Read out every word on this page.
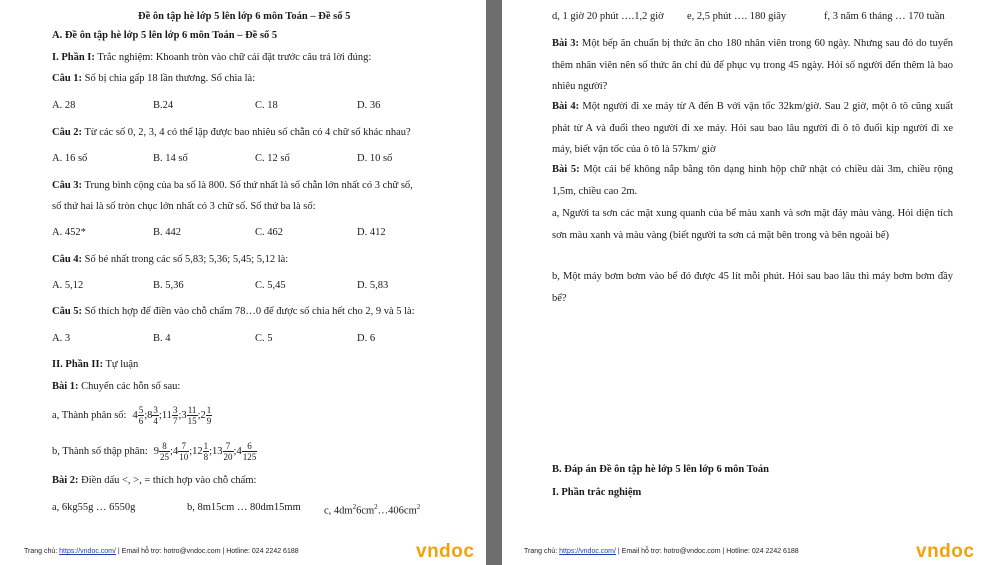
Đề ôn tập hè lớp 5 lên lớp 6 môn Toán – Đề số 5
A. Đề ôn tập hè lớp 5 lên lớp 6 môn Toán – Đề số 5
I. Phần I: Trắc nghiệm: Khoanh tròn vào chữ cái đặt trước câu trả lời đúng:
Câu 1: Số bị chia gấp 18 lần thương. Số chia là:
A. 28	B.24	C. 18	D. 36
Câu 2: Từ các số 0, 2, 3, 4 có thể lập được bao nhiêu số chẵn có 4 chữ số khác nhau?
A. 16 số	B. 14 số	C. 12 số	D. 10 số
Câu 3: Trung bình cộng của ba số là 800. Số thứ nhất là số chẵn lớn nhất có 3 chữ số,
số thứ hai là số tròn chục lớn nhất có 3 chữ số. Số thứ ba là số:
A. 452*	B. 442	C. 462	D. 412
Câu 4: Số bé nhất trong các số 5,83; 5,36; 5,45; 5,12 là:
A. 5,12	B. 5,36	C. 5,45	D. 5,83
Câu 5: Số thích hợp để điền vào chỗ chấm 78…0 để được số chia hết cho 2, 9 và 5 là:
A. 3	B. 4	C. 5	D. 6
II. Phần II: Tự luận
Bài 1: Chuyển các hỗn số sau:
a, Thành phân số: $4 \frac{5}{6}$ ; $8 \frac{3}{4}$ ; $11 \frac{3}{7}$ ; $3 \frac{11}{15}$ ; $2 \frac{1}{9}$
b, Thành số thập phân: $9 \frac{8}{25}$ ; $4 \frac{7}{10}$ ; $12 \frac{1}{8}$ ; $13 \frac{7}{20}$ ; $4 \frac{6}{125}$
Bài 2: Điền dấu <, >, = thích hợp vào chỗ chấm:
a, 6kg55g … 6550g	b, 8m15cm … 80dm15mm c, $4dm^26cm^2\dots 406cm^2$
Trang chủ: https://vndoc.com/ | Email hỗ trợ: hotro@vndoc.com | Hotline: 024 2242 6188	vndoc
d, 1 giờ 20 phút ….1,2 giờ e, 2,5 phút …. 180 giây	f, 3 năm 6 tháng … 170 tuần
Bài 3: Một bếp ăn chuẩn bị thức ăn cho 180 nhân viên trong 60 ngày. Nhưng sau đó do tuyển thêm nhân viên nên số thức ăn chỉ đủ để phục vụ trong 45 ngày. Hỏi số người đến thêm là bao nhiêu người?
Bài 4: Một người đi xe máy từ A đến B với vận tốc 32km/giờ. Sau 2 giờ, một ô tô cũng xuất phát từ A và đuổi theo người đi xe máy. Hỏi sau bao lâu người đi ô tô đuổi kịp người đi xe máy, biết vận tốc của ô tô là 57km/ giờ
Bài 5: Một cái bể không nắp bằng tôn dạng hình hộp chữ nhật có chiều dài 3m, chiều rộng 1,5m, chiều cao 2m.
a, Người ta sơn các mặt xung quanh của bể màu xanh và sơn mặt đáy màu vàng. Hỏi diện tích sơn màu xanh và màu vàng (biết người ta sơn cả mặt bên trong và bên ngoài bể)
b, Một máy bơm bơm vào bể đó được 45 lít mỗi phút. Hỏi sau bao lâu thì máy bơm bơm đầy bể?
B. Đáp án Đề ôn tập hè lớp 5 lên lớp 6 môn Toán
I. Phần trắc nghiệm
Trang chủ: https://vndoc.com/ | Email hỗ trợ: hotro@vndoc.com | Hotline: 024 2242 6188	vndoc
